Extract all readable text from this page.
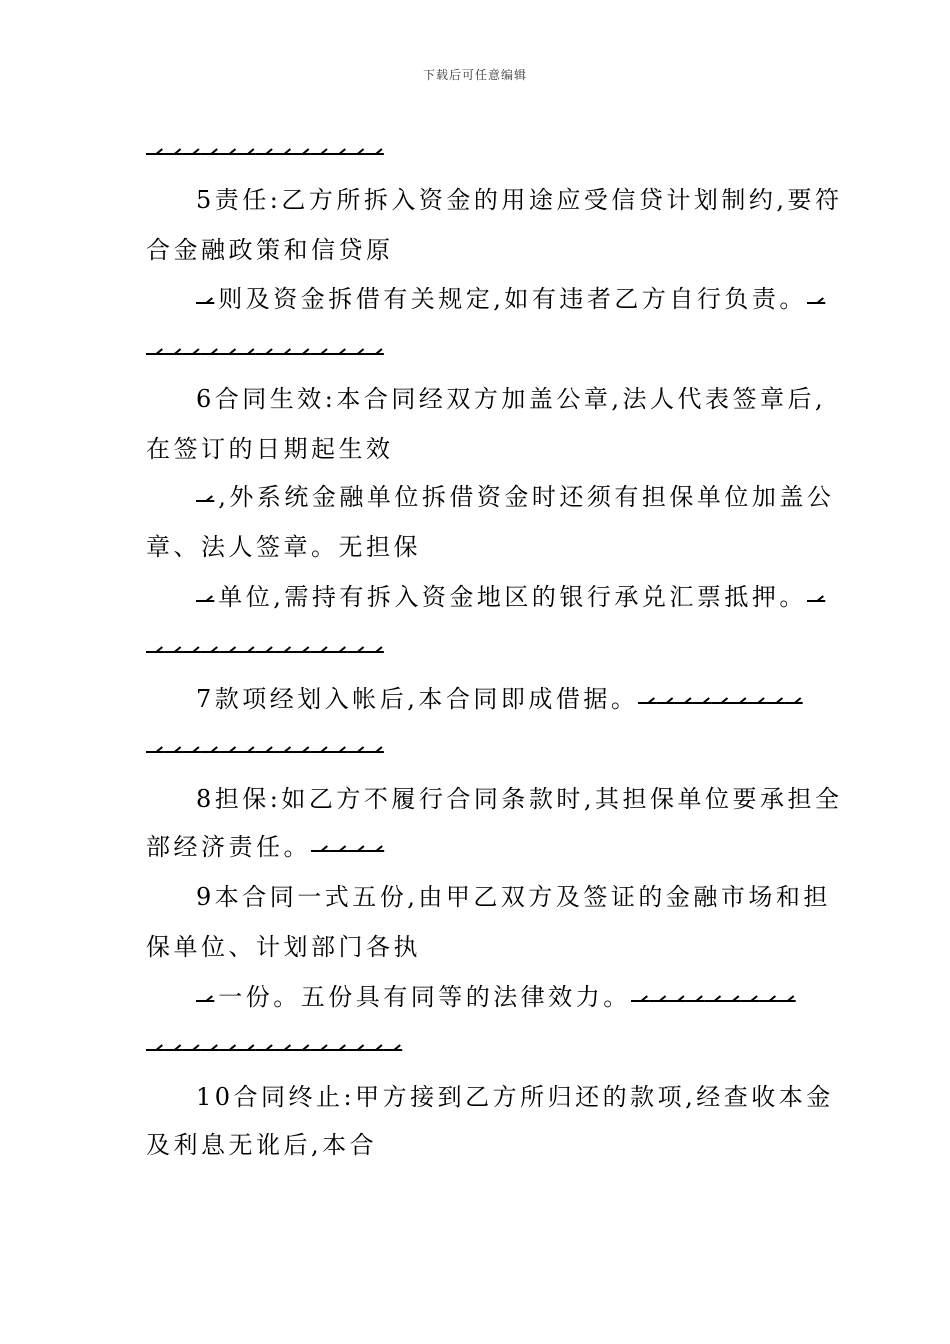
下载后可任意编辑
5责任:乙方所拆入资金的用途应受信贷计划制约,要符
合金融政策和信贷原
则及资金拆借有关规定,如有违者乙方自行负责。
6合同生效:本合同经双方加盖公章,法人代表签章后,
在签订的日期起生效
,外系统金融单位拆借资金时还须有担保单位加盖公
章、法人签章。无担保
单位,需持有拆入资金地区的银行承兑汇票抵押。
7款项经划入帐后,本合同即成借据。
8担保:如乙方不履行合同条款时,其担保单位要承担全
部经济责任。
9本合同一式五份,由甲乙双方及签证的金融市场和担
保单位、计划部门各执
一份。五份具有同等的法律效力。
10合同终止:甲方接到乙方所归还的款项,经查收本金
及利息无讹后,本合
